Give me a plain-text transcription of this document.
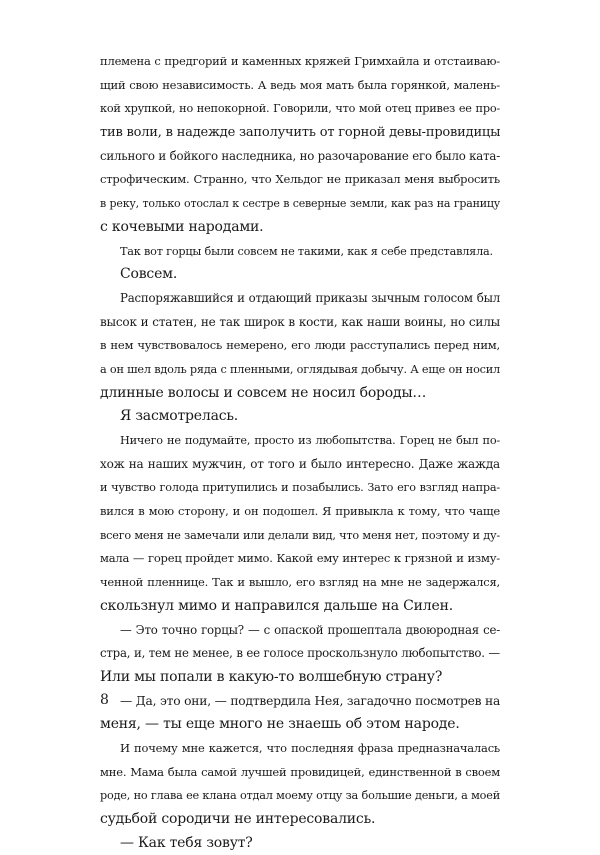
племена с предгорий и каменных кряжей Гримхайла и отстаиваю-
щий свою независимость. А ведь моя мать была горянкой, малень-
кой хрупкой, но непокорной. Говорили, что мой отец привез ее про-
тив воли, в надежде заполучить от горной девы-провидицы
сильного и бойкого наследника, но разочарование его было ката-
строфическим. Странно, что Хельдог не приказал меня выбросить
в реку, только отослал к сестре в северные земли, как раз на границу
с кочевыми народами.
Так вот горцы были совсем не такими, как я себе представляла.
Совсем.
Распоряжавшийся и отдающий приказы зычным голосом был
высок и статен, не так широк в кости, как наши воины, но силы
в нем чувствовалось немерено, его люди расступались перед ним,
а он шел вдоль ряда с пленными, оглядывая добычу. А еще он носил
длинные волосы и совсем не носил бороды…
Я засмотрелась.
Ничего не подумайте, просто из любопытства. Горец не был по-
хож на наших мужчин, от того и было интересно. Даже жажда
и чувство голода притупились и позабылись. Зато его взгляд напра-
вился в мою сторону, и он подошел. Я привыкла к тому, что чаще
всего меня не замечали или делали вид, что меня нет, поэтому и ду-
мала — горец пройдет мимо. Какой ему интерес к грязной и изму-
ченной пленнице. Так и вышло, его взгляд на мне не задержался,
скользнул мимо и направился дальше на Силен.
— Это точно горцы? — с опаской прошептала двоюродная се-
стра, и, тем не менее, в ее голосе проскользнуло любопытство. —
Или мы попали в какую-то волшебную страну?
— Да, это они, — подтвердила Нея, загадочно посмотрев на
меня, — ты еще много не знаешь об этом народе.
И почему мне кажется, что последняя фраза предназначалась
мне. Мама была самой лучшей провидицей, единственной в своем
роде, но глава ее клана отдал моему отцу за большие деньги, а моей
судьбой сородичи не интересовались.
— Как тебя зовут?
8
